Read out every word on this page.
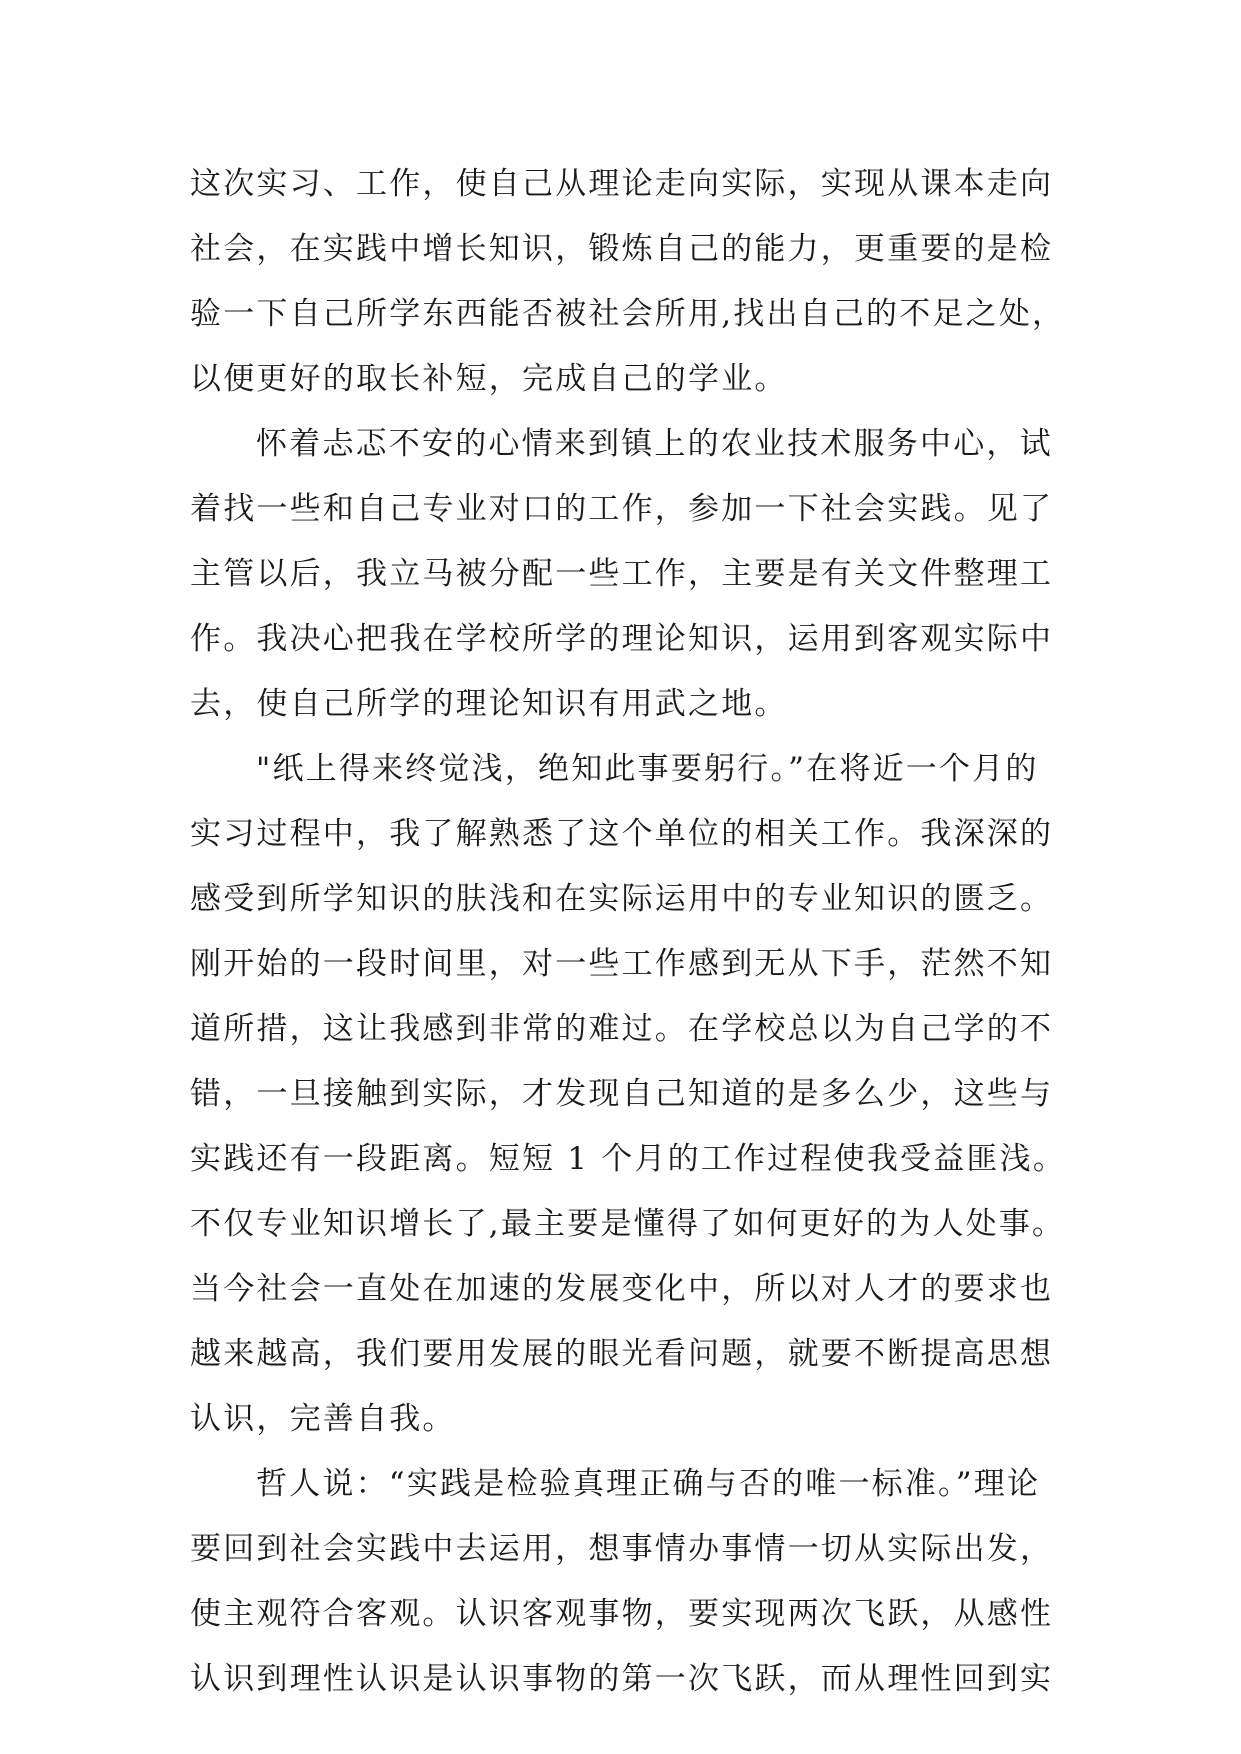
这次实习、工作，使自己从理论走向实际，实现从课本走向
社会，在实践中增长知识，锻炼自己的能力，更重要的是检
验一下自己所学东西能否被社会所用,找出自己的不足之处，
以便更好的取长补短，完成自己的学业。
怀着忐忑不安的心情来到镇上的农业技术服务中心，试
着找一些和自己专业对口的工作，参加一下社会实践。见了
主管以后，我立马被分配一些工作，主要是有关文件整理工
作。我决心把我在学校所学的理论知识，运用到客观实际中
去，使自己所学的理论知识有用武之地。
"纸上得来终觉浅，绝知此事要躬行。”在将近一个月的
实习过程中，我了解熟悉了这个单位的相关工作。我深深的
感受到所学知识的肤浅和在实际运用中的专业知识的匮乏。
刚开始的一段时间里，对一些工作感到无从下手，茫然不知
道所措，这让我感到非常的难过。在学校总以为自己学的不
错，一旦接触到实际，才发现自己知道的是多么少，这些与
实践还有一段距离。短短 1 个月的工作过程使我受益匪浅。
不仅专业知识增长了,最主要是懂得了如何更好的为人处事。
当今社会一直处在加速的发展变化中，所以对人才的要求也
越来越高，我们要用发展的眼光看问题，就要不断提高思想
认识，完善自我。
哲人说：“实践是检验真理正确与否的唯一标准。”理论
要回到社会实践中去运用，想事情办事情一切从实际出发，
使主观符合客观。认识客观事物，要实现两次飞跃，从感性
认识到理性认识是认识事物的第一次飞跃，而从理性回到实
